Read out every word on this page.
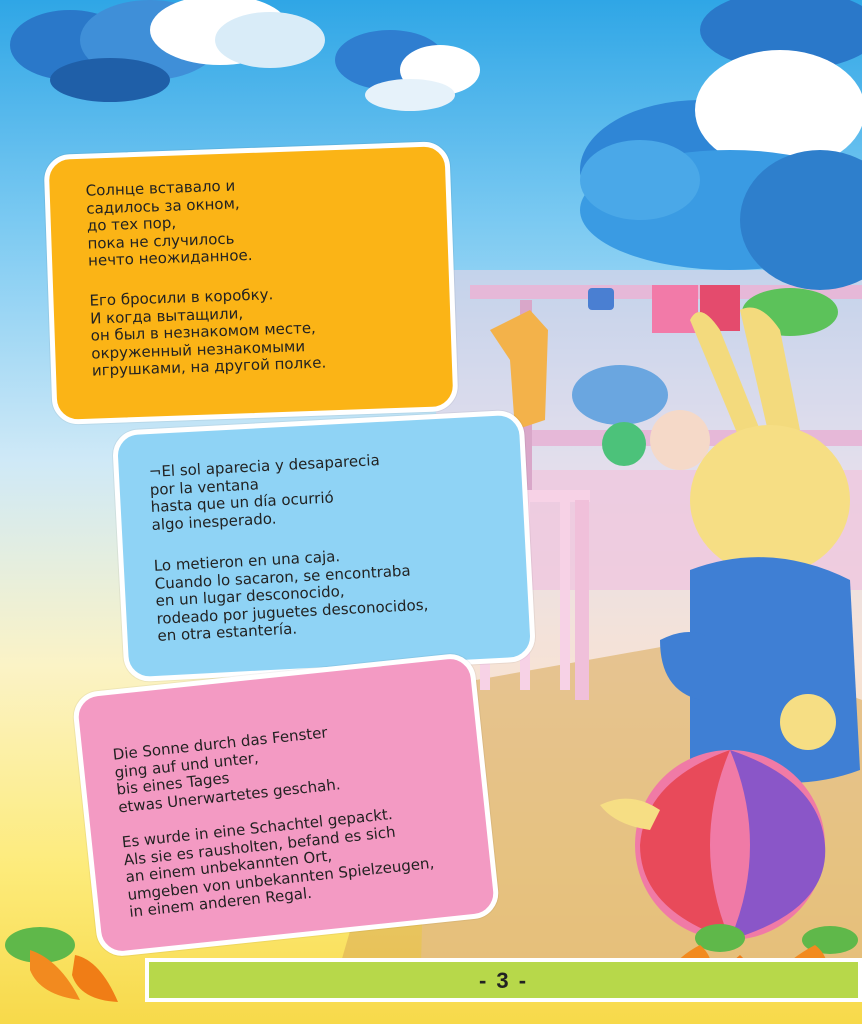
Солнце вставало и
садилось за окном,
до тех пор,
пока не случилось
нечто неожиданное.

Его бросили в коробку.
И когда вытащили,
он был в незнакомом месте,
окруженный незнакомыми
игрушками, на другой полке.

¬El sol aparecia y desaparecia
por la ventana
hasta que un día ocurrió
algo inesperado.

Lo metieron en una caja.
Cuando lo sacaron, se encontraba
en un lugar desconocido,
rodeado por juguetes desconocidos,
en otra estantería.

Die Sonne durch das Fenster
ging auf und unter,
bis eines Tages
etwas Unerwartetes geschah.

Es wurde in eine Schachtel gepackt.
Als sie es rausholten, befand es sich
an einem unbekannten Ort,
umgeben von unbekannten Spielzeugen,
in einem anderen Regal.

- 3 -
